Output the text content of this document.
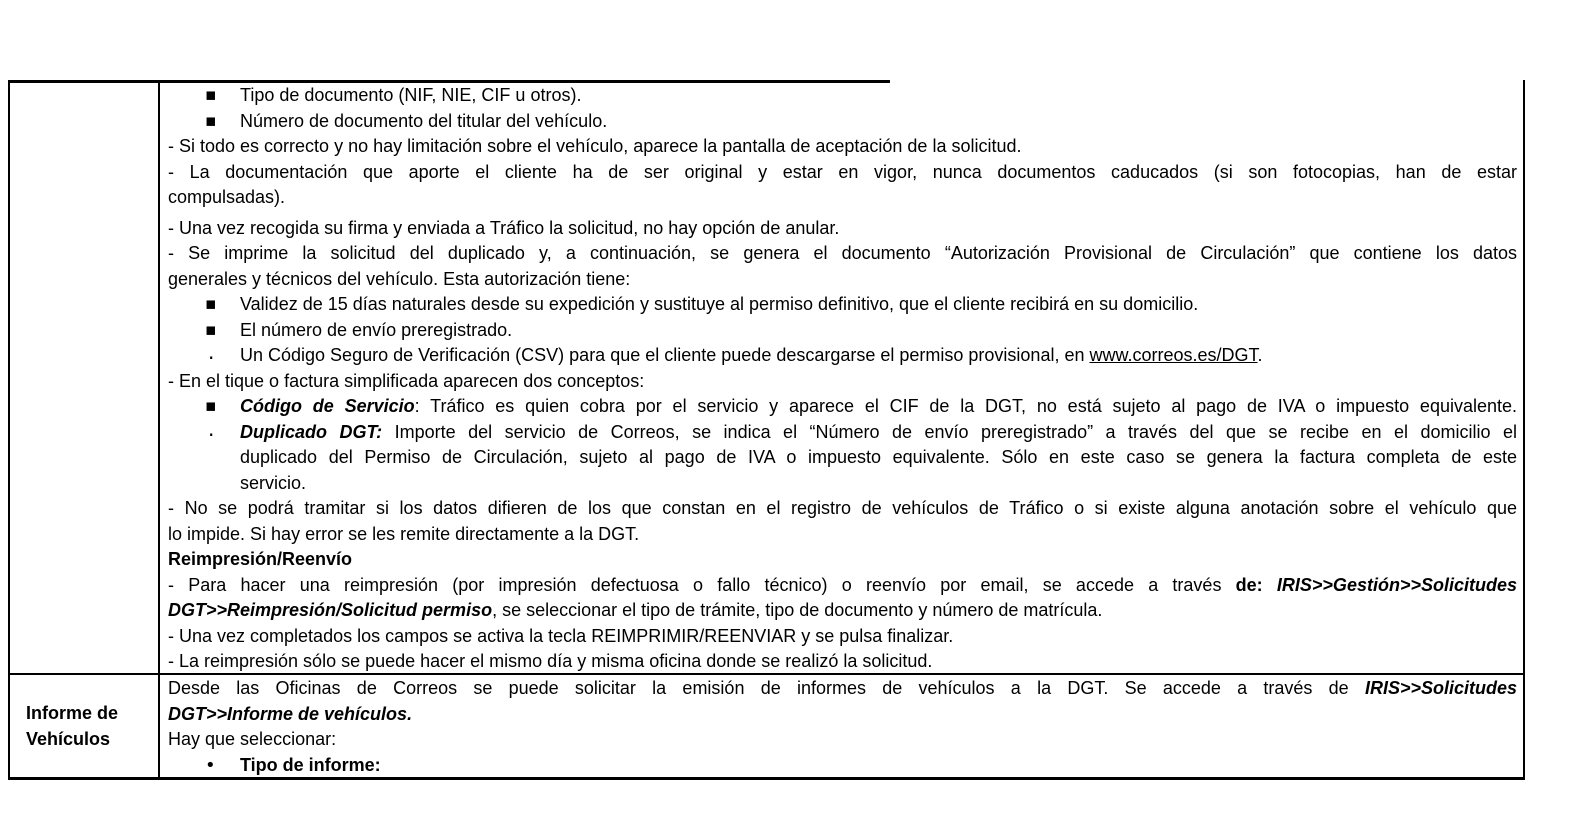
▪ Tipo de documento (NIF, NIE, CIF u otros).
▪ Número de documento del titular del vehículo.
- Si todo es correcto y no hay limitación sobre el vehículo, aparece la pantalla de aceptación de la solicitud.
- La documentación que aporte el cliente ha de ser original y estar en vigor, nunca documentos caducados (si son fotocopias, han de estar
compulsadas).
- Una vez recogida su firma y enviada a Tráfico la solicitud, no hay opción de anular.
- Se imprime la solicitud del duplicado y, a continuación, se genera el documento “Autorización Provisional de Circulación” que contiene los datos
generales y técnicos del vehículo. Esta autorización tiene:
▪ Validez de 15 días naturales desde su expedición y sustituye al permiso definitivo, que el cliente recibirá en su domicilio.
▪ El número de envío preregistrado.
· Un Código Seguro de Verificación (CSV) para que el cliente puede descargarse el permiso provisional, en www.correos.es/DGT.
- En el tique o factura simplificada aparecen dos conceptos:
▪ Código de Servicio: Tráfico es quien cobra por el servicio y aparece el CIF de la DGT, no está sujeto al pago de IVA o impuesto equivalente.
· Duplicado DGT: Importe del servicio de Correos, se indica el “Número de envío preregistrado” a través del que se recibe en el domicilio el
duplicado del Permiso de Circulación, sujeto al pago de IVA o impuesto equivalente. Sólo en este caso se genera la factura completa de este
servicio.
- No se podrá tramitar si los datos difieren de los que constan en el registro de vehículos de Tráfico o si existe alguna anotación sobre el vehículo que
lo impide. Si hay error se les remite directamente a la DGT.
Reimpresión/Reenvío
- Para hacer una reimpresión (por impresión defectuosa o fallo técnico) o reenvío por email, se accede a través de: IRIS>>Gestión>>Solicitudes
DGT>>Reimpresión/Solicitud permiso, se seleccionar el tipo de trámite, tipo de documento y número de matrícula.
- Una vez completados los campos se activa la tecla REIMPRIMIR/REENVIAR y se pulsa finalizar.
- La reimpresión sólo se puede hacer el mismo día y misma oficina donde se realizó la solicitud.
Informe de Vehículos
Desde las Oficinas de Correos se puede solicitar la emisión de informes de vehículos a la DGT. Se accede a través de IRIS>>Solicitudes
DGT>>Informe de vehículos.
Hay que seleccionar:
• Tipo de informe:
